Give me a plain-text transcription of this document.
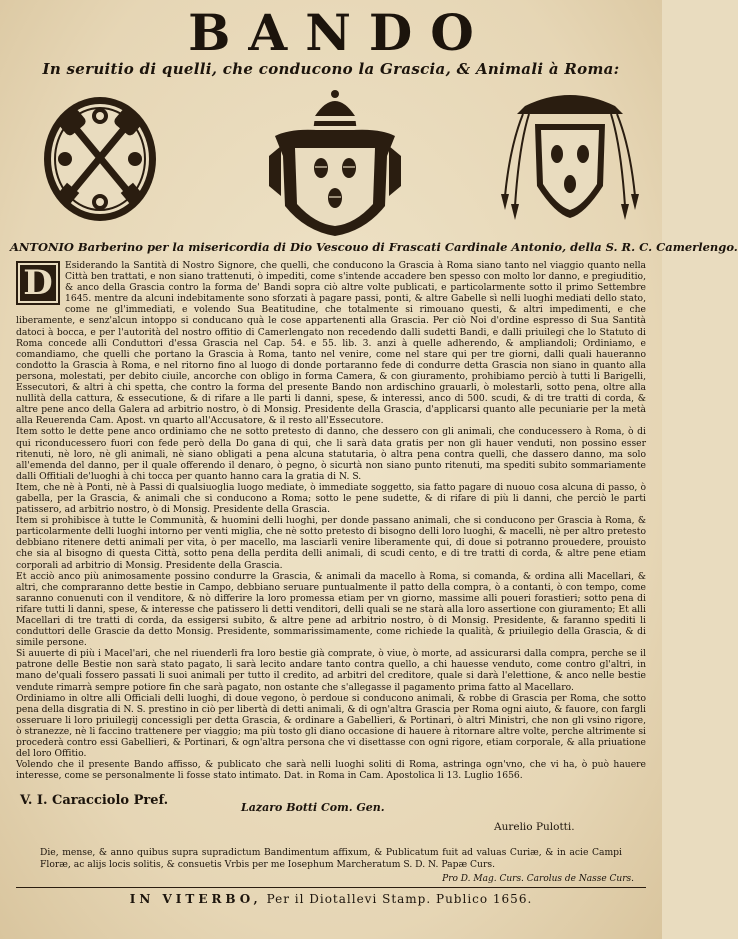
BANDO
In seruitio di quelli, che conducono la Grascia, & Animali à Roma:
ANTONIO Barberino per la misericordia di Dio Vescouo di Frascati Cardinale Antonio, della S. R. C. Camerlengo.
D	Esiderando la Santità di Nostro Signore, che quelli, che conducono la Grascia à Roma siano tanto nel viaggio quanto nella Città ben trattati, e non siano trattenuti, ò impediti, come s'intende accadere ben spesso con molto lor danno, e pregiuditio, & anco della Grascia contro la forma de' Bandi sopra ciò altre volte publicati, e particolarmente sotto il primo Settembre 1645. mentre da alcuni indebitamente sono sforzati à pagare passi, ponti, & altre Gabelle sì nelli luoghi mediati dello stato, come ne gl'immediati, e volendo Sua Beatitudine, che totalmente si rimouano questi, & altri impedimenti, e che liberamente, e senz'alcun intoppo si conducano quà le cose appartenenti alla Grascia. Per ciò Noi d'ordine espresso di Sua Santità datoci à bocca, e per l'autorità del nostro offitio di Camerlengato non recedendo dalli sudetti Bandi, e dalli priuilegi che lo Statuto di Roma concede alli Conduttori d'essa Grascia nel Cap. 54. e 55. lib. 3. anzi à quelle adherendo, & ampliandoli; Ordiniamo, e comandiamo, che quelli che portano la Grascia à Roma, tanto nel venire, come nel stare qui per tre giorni, dalli quali haueranno condotto la Grascia à Roma, e nel ritorno fino al luogo di donde portaranno fede di condurre detta Grascia non siano in quanto alla persona, molestati, per debito ciuile, ancorche con obligo in forma Camera, & con giuramento, prohibiamo perciò à tutti li Barigelli, Essecutori, & altri à chi spetta, che contro la forma del presente Bando non ardischino grauarli, ò molestarli, sotto pena, oltre alla nullità della cattura, & essecutione, & di rifare a lle parti li danni, spese, & interessi, anco di 500. scudi, & di tre tratti di corda, & altre pene anco della Galera ad arbitrio nostro, ò di Monsig. Presidente della Grascia, d'applicarsi quanto alle pecuniarie per la metà alla Reuerenda Cam. Apost. vn quarto all'Accusatore, & il resto all'Essecutore.

Item sotto le dette pene anco ordiniamo che ne sotto pretesto di danno, che dessero con gli animali, che conducessero à Roma, ò di qui riconducessero fuori con fede però della Do gana di qui, che li sarà data gratis per non gli hauer venduti, non possino esser ritenuti, nè loro, nè gli animali, nè siano obligati a pena alcuna statutaria, ò altra pena contra quelli, che dassero danno, ma solo all'emenda del danno, per il quale offerendo il denaro, ò pegno, ò sicurtà non siano punto ritenuti, ma spediti subito sommariamente dalli Offitiali de'luoghi à chi tocca per quanto hanno cara la gratia di N. S.

Item, che nè à Ponti, nè à Passi di qualsiuoglia luogo mediate, ò immediate soggetto, sia fatto pagare di nuouo cosa alcuna di passo, ò gabella, per la Grascia, & animali che si conducono a Roma; sotto le pene sudette, & di rifare di più li danni, che perciò le parti patissero, ad arbitrio nostro, ò di Monsig. Presidente della Grascia.

Item si prohibisce à tutte le Communità, & huomini delli luoghi, per donde passano animali, che si conducono per Grascia à Roma, & particolarmente delli luoghi intorno per venti miglia, che nè sotto pretesto di bisogno delli loro luoghi, & macelli, nè per altro pretesto debbiano ritenere detti animali per vita, ò per macello, ma lasciarli venire liberamente qui, di doue si potranno prouedere, prouisto che sia al bisogno di questa Città, sotto pena della perdita delli animali, di scudi cento, e di tre tratti di corda, & altre pene etiam corporali ad arbitrio di Monsig. Presidente della Grascia.

Et acciò anco più animosamente possino condurre la Grascia, & animali da macello à Roma, si comanda, & ordina alli Macellari, & altri, che compraranno dette bestie in Campo, debbiano seruare puntualmente il patto della compra, ò a contanti, ò con tempo, come saranno conuenuti con il venditore, & nò differire la loro promessa etiam per vn giorno, massime alli poueri forastieri; sotto pena di rifare tutti li danni, spese, & interesse che patissero li detti venditori, delli quali se ne starà alla loro assertione con giuramento; Et alli Macellari di tre tratti di corda, da essigersi subito, & altre pene ad arbitrio nostro, ò di Monsig. Presidente, & faranno spediti li conduttori delle Grascie da detto Monsig. Presidente, sommarissimamente, come richiede la qualità, & priuilegio della Grascia, & di simile persone.

Si auuerte di più i Macel'ari, che nel riuenderli fra loro bestie già comprate, ò viue, ò morte, ad assicurarsi dalla compra, perche se il patrone delle Bestie non sarà stato pagato, li sarà lecito andare tanto contra quello, a chi hauesse venduto, come contro gl'altri, in mano de'quali fossero passati li suoi animali per tutto il credito, ad arbitri del creditore, quale si darà l'elettione, & anco nelle bestie vendute rimarrà sempre potiore fin che sarà pagato, non ostante che s'allegasse il pagamento prima fatto al Macellaro.

Ordiniamo in oltre alli Officiali delli luoghi, di doue vegono, ò perdoue si conducono animali, & robbe di Grascia per Roma, che sotto pena della disgratia di N. S. prestino in ciò per libertà di detti animali, & di ogn'altra Grascia per Roma ogni aiuto, & fauore, con fargli osseruare li loro priuilegij concessigli per detta Grascia, & ordinare a Gabellieri, & Portinari, ò altri Ministri, che non gli vsino rigore, ò stranezze, nè li faccino trattenere per viaggio; ma più tosto gli diano occasione di hauere à ritornare altre volte, perche altrimente si procederà contro essi Gabellieri, & Portinari, & ogn'altra persona che vi disettasse con ogni rigore, etiam corporale, & alla priuatione del loro Offitio.

Volendo che il presente Bando affisso, & publicato che sarà nelli luoghi soliti di Roma, astringa ogn'vno, che vi ha, ò può hauere interesse, come se personalmente li fosse stato intimato. Dat. in Roma in Cam. Apostolica li 13. Luglio 1656.

V. I. Caracciolo Pref.	Lazaro Botti Com. Gen.
Aurelio Pulotti.
Die, mense, & anno quibus supra supradictum Bandimentum affixum, & Publicatum fuit ad valuas Curiæ, & in acie Campi Floræ, ac alijs locis solitis, & consuetis Vrbis per me Iosephum Marcheratum S. D. N. Papæ Curs.
Pro D. Mag. Curs. Carolus de Nasse Curs.
IN VITERBO, Per il Diotallevi Stamp. Publico 1656.
